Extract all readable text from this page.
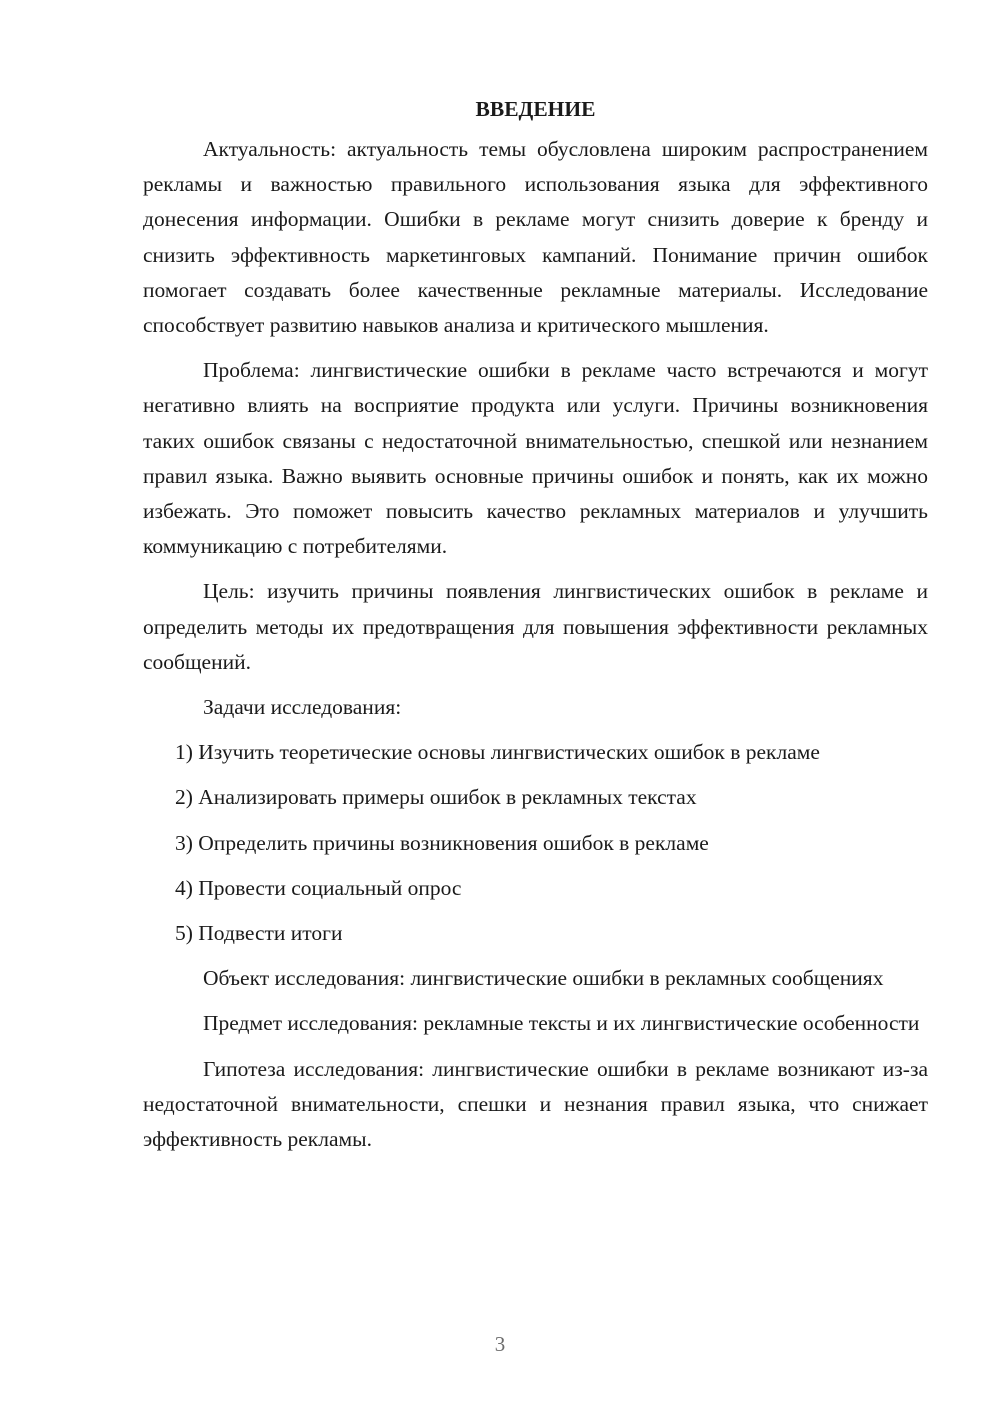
ВВЕДЕНИЕ

Актуальность: актуальность темы обусловлена широким распространением рекламы и важностью правильного использования языка для эффективного донесения информации. Ошибки в рекламе могут снизить доверие к бренду и снизить эффективность маркетинговых кампаний. Понимание причин ошибок помогает создавать более качественные рекламные материалы. Исследование способствует развитию навыков анализа и критического мышления.

Проблема: лингвистические ошибки в рекламе часто встречаются и могут негативно влиять на восприятие продукта или услуги. Причины возникновения таких ошибок связаны с недостаточной внимательностью, спешкой или незнанием правил языка. Важно выявить основные причины ошибок и понять, как их можно избежать. Это поможет повысить качество рекламных материалов и улучшить коммуникацию с потребителями.

Цель: изучить причины появления лингвистических ошибок в рекламе и определить методы их предотвращения для повышения эффективности рекламных сообщений.

Задачи исследования:
1) Изучить теоретические основы лингвистических ошибок в рекламе
2) Анализировать примеры ошибок в рекламных текстах
3) Определить причины возникновения ошибок в рекламе
4) Провести социальный опрос
5) Подвести итоги

Объект исследования: лингвистические ошибки в рекламных сообщениях

Предмет исследования: рекламные тексты и их лингвистические особенности

Гипотеза исследования: лингвистические ошибки в рекламе возникают из-за недостаточной внимательности, спешки и незнания правил языка, что снижает эффективность рекламы.

3
